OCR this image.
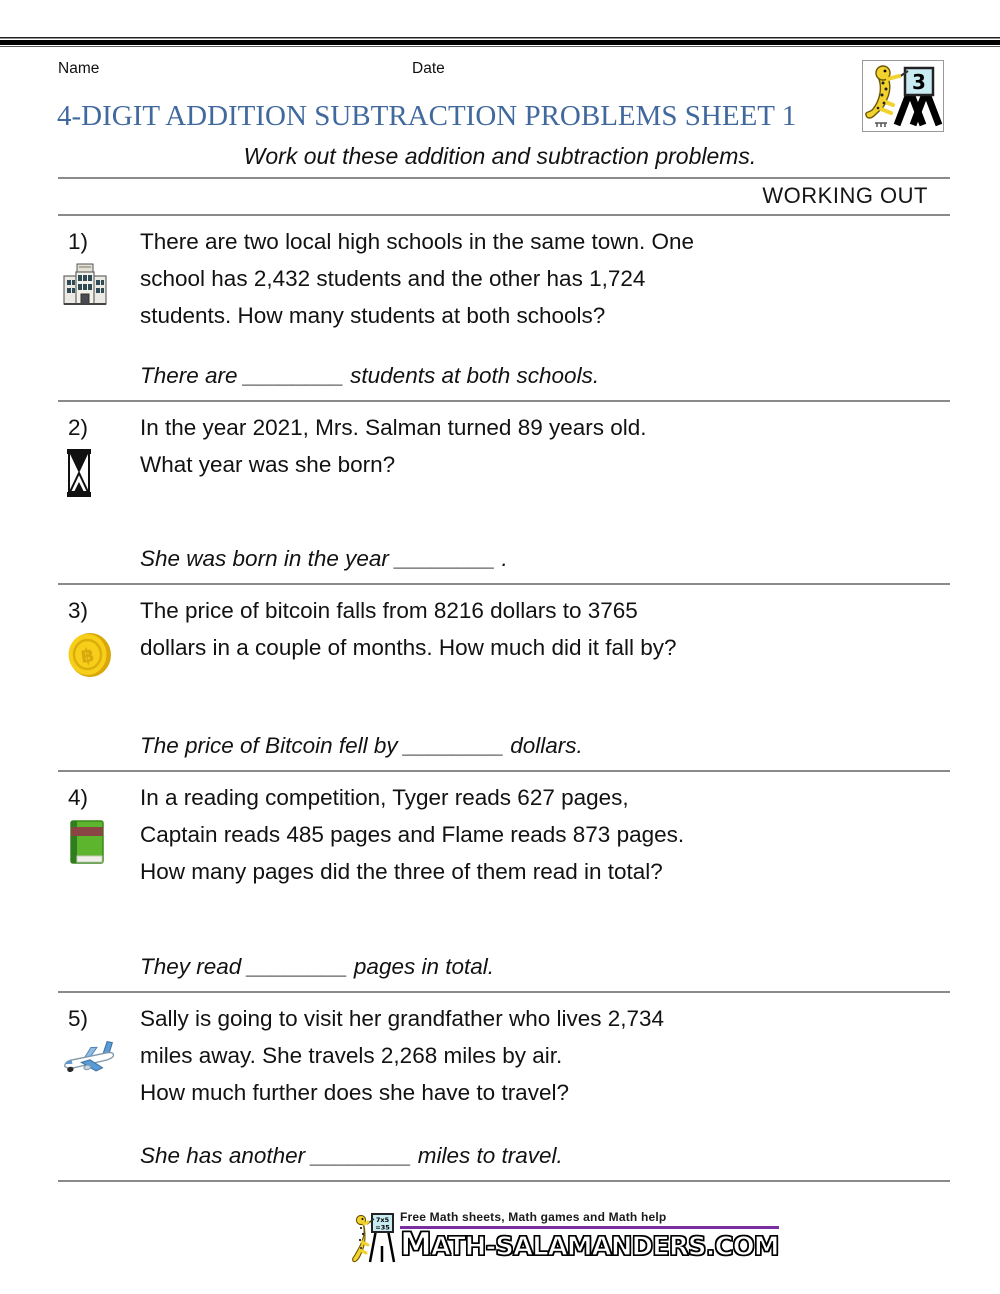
Name	Date
3
4-DIGIT ADDITION SUBTRACTION PROBLEMS SHEET 1
Work out these addition and subtraction problems.
WORKING OUT
1)	There are two local high schools in the same town. One
school has 2,432 students and the other has 1,724
students. How many students at both schools?
There are ________ students at both schools.
2)	In the year 2021, Mrs. Salman turned 89 years old.
What year was she born?
She was born in the year ________ .
3)
฿
The price of bitcoin falls from 8216 dollars to 3765
dollars in a couple of months. How much did it fall by?
The price of Bitcoin fell by ________ dollars.
4)	In a reading competition, Tyger reads 627 pages,
Captain reads 485 pages and Flame reads 873 pages.
How many pages did the three of them read in total?
They read ________ pages in total.
5)	Sally is going to visit her grandfather who lives 2,734
miles away. She travels 2,268 miles by air.
How much further does she have to travel?
She has another ________ miles to travel.
7x5
=35
Free Math sheets, Math games and Math help
MATH-SALAMANDERS.COM
